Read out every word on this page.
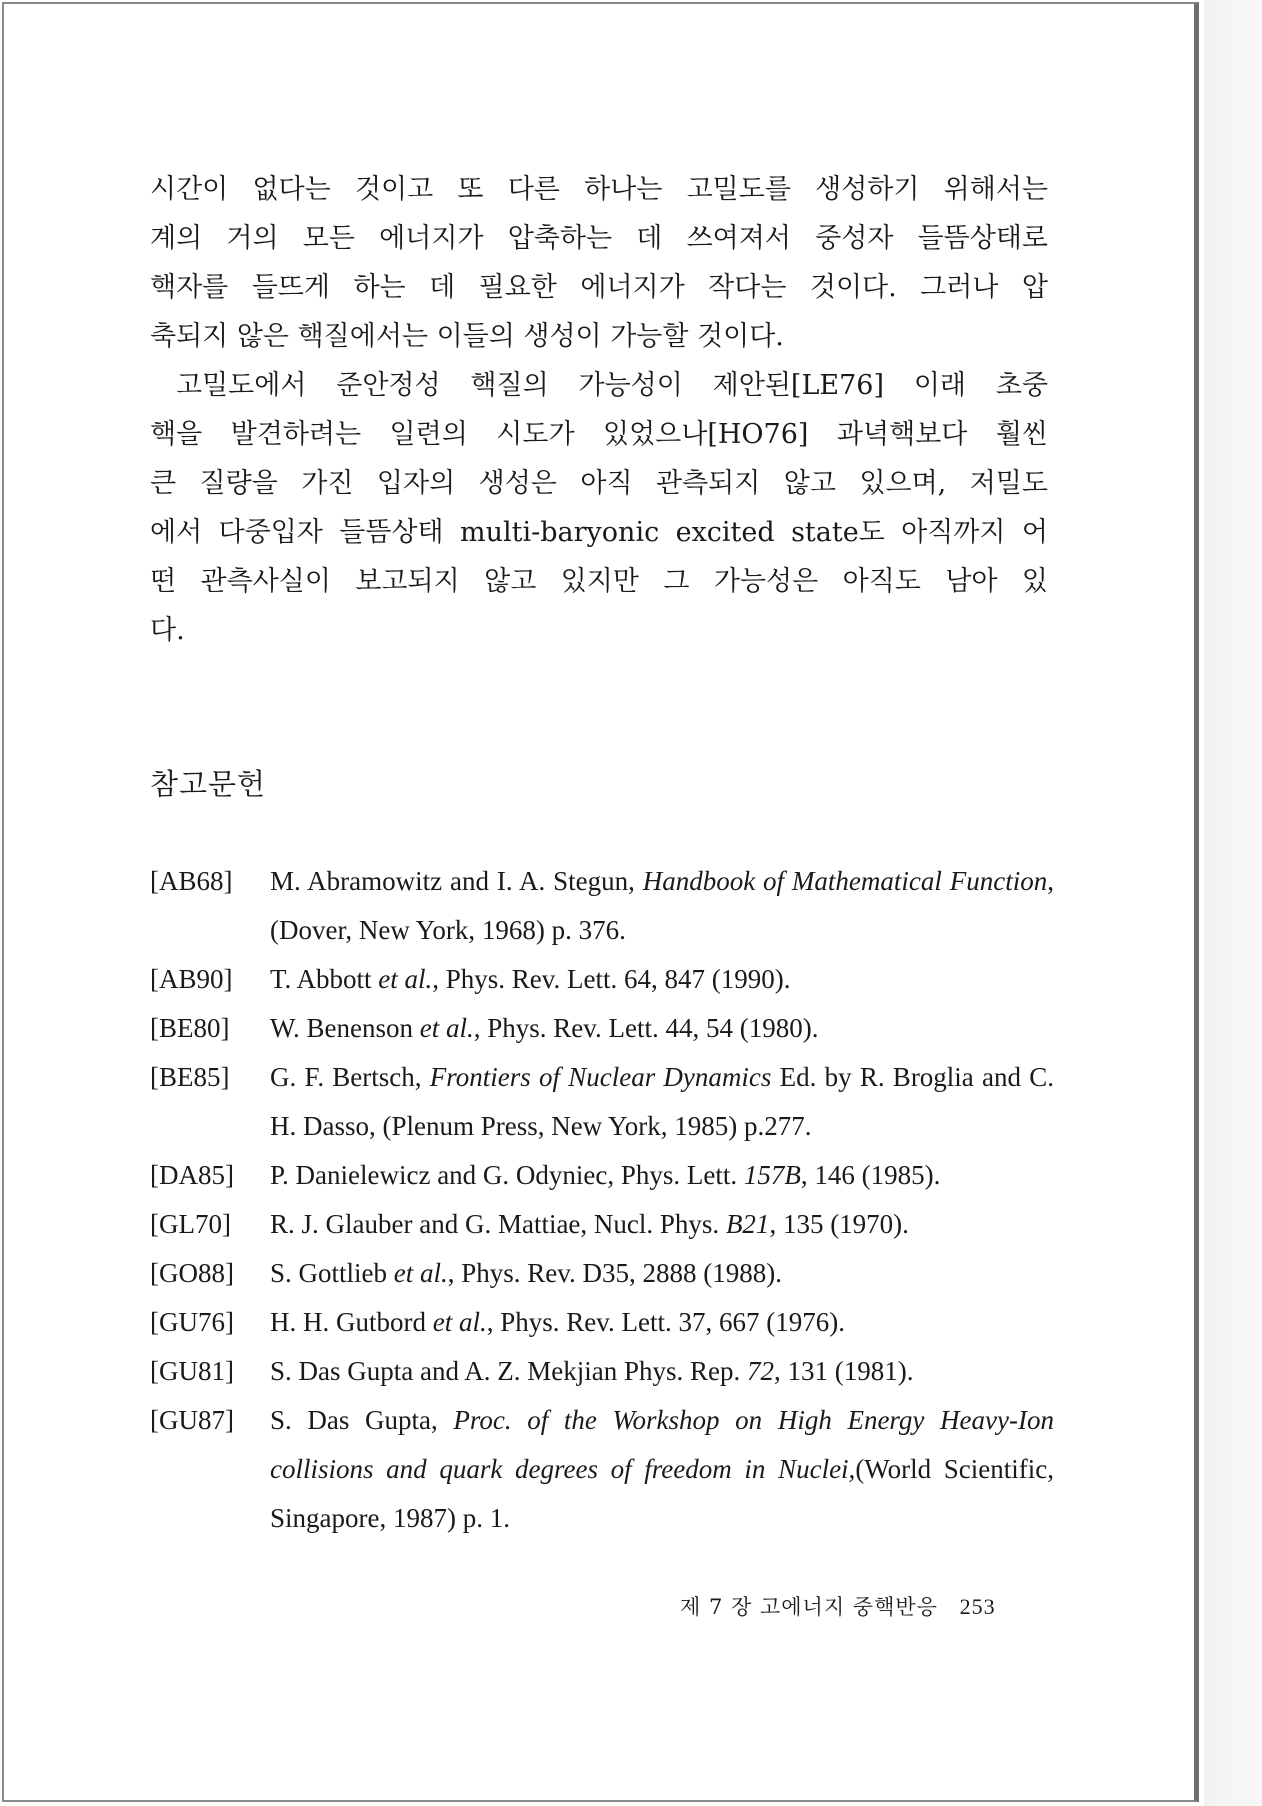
시간이 없다는 것이고 또 다른 하나는 고밀도를 생성하기 위해서는
계의 거의 모든 에너지가 압축하는 데 쓰여져서 중성자 들뜸상태로
핵자를 들뜨게 하는 데 필요한 에너지가 작다는 것이다. 그러나 압
축되지 않은 핵질에서는 이들의 생성이 가능할 것이다.
고밀도에서 준안정성 핵질의 가능성이 제안된[LE76] 이래 초중
핵을 발견하려는 일련의 시도가 있었으나[HO76] 과녁핵보다 훨씬
큰 질량을 가진 입자의 생성은 아직 관측되지 않고 있으며, 저밀도
에서 다중입자 들뜸상태 multi-baryonic excited state도 아직까지 어
떤 관측사실이 보고되지 않고 있지만 그 가능성은 아직도 남아 있
다.
참고문헌
[AB68]	M. Abramowitz and I. A. Stegun, Handbook of Mathematical Function, (Dover, New York, 1968) p. 376.
[AB90]	T. Abbott et al., Phys. Rev. Lett. 64, 847 (1990).
[BE80]	W. Benenson et al., Phys. Rev. Lett. 44, 54 (1980).
[BE85]	G. F. Bertsch, Frontiers of Nuclear Dynamics Ed. by R. Broglia and C. H. Dasso, (Plenum Press, New York, 1985) p.277.
[DA85]	P. Danielewicz and G. Odyniec, Phys. Lett. 157B, 146 (1985).
[GL70]	R. J. Glauber and G. Mattiae, Nucl. Phys. B21, 135 (1970).
[GO88]	S. Gottlieb et al., Phys. Rev. D35, 2888 (1988).
[GU76]	H. H. Gutbord et al., Phys. Rev. Lett. 37, 667 (1976).
[GU81]	S. Das Gupta and A. Z. Mekjian Phys. Rep. 72, 131 (1981).
[GU87]	S. Das Gupta, Proc. of the Workshop on High Energy Heavy-Ion collisions and quark degrees of freedom in Nuclei,(World Scientific, Singapore, 1987) p. 1.
제 7 장 고에너지 중핵반응 253
